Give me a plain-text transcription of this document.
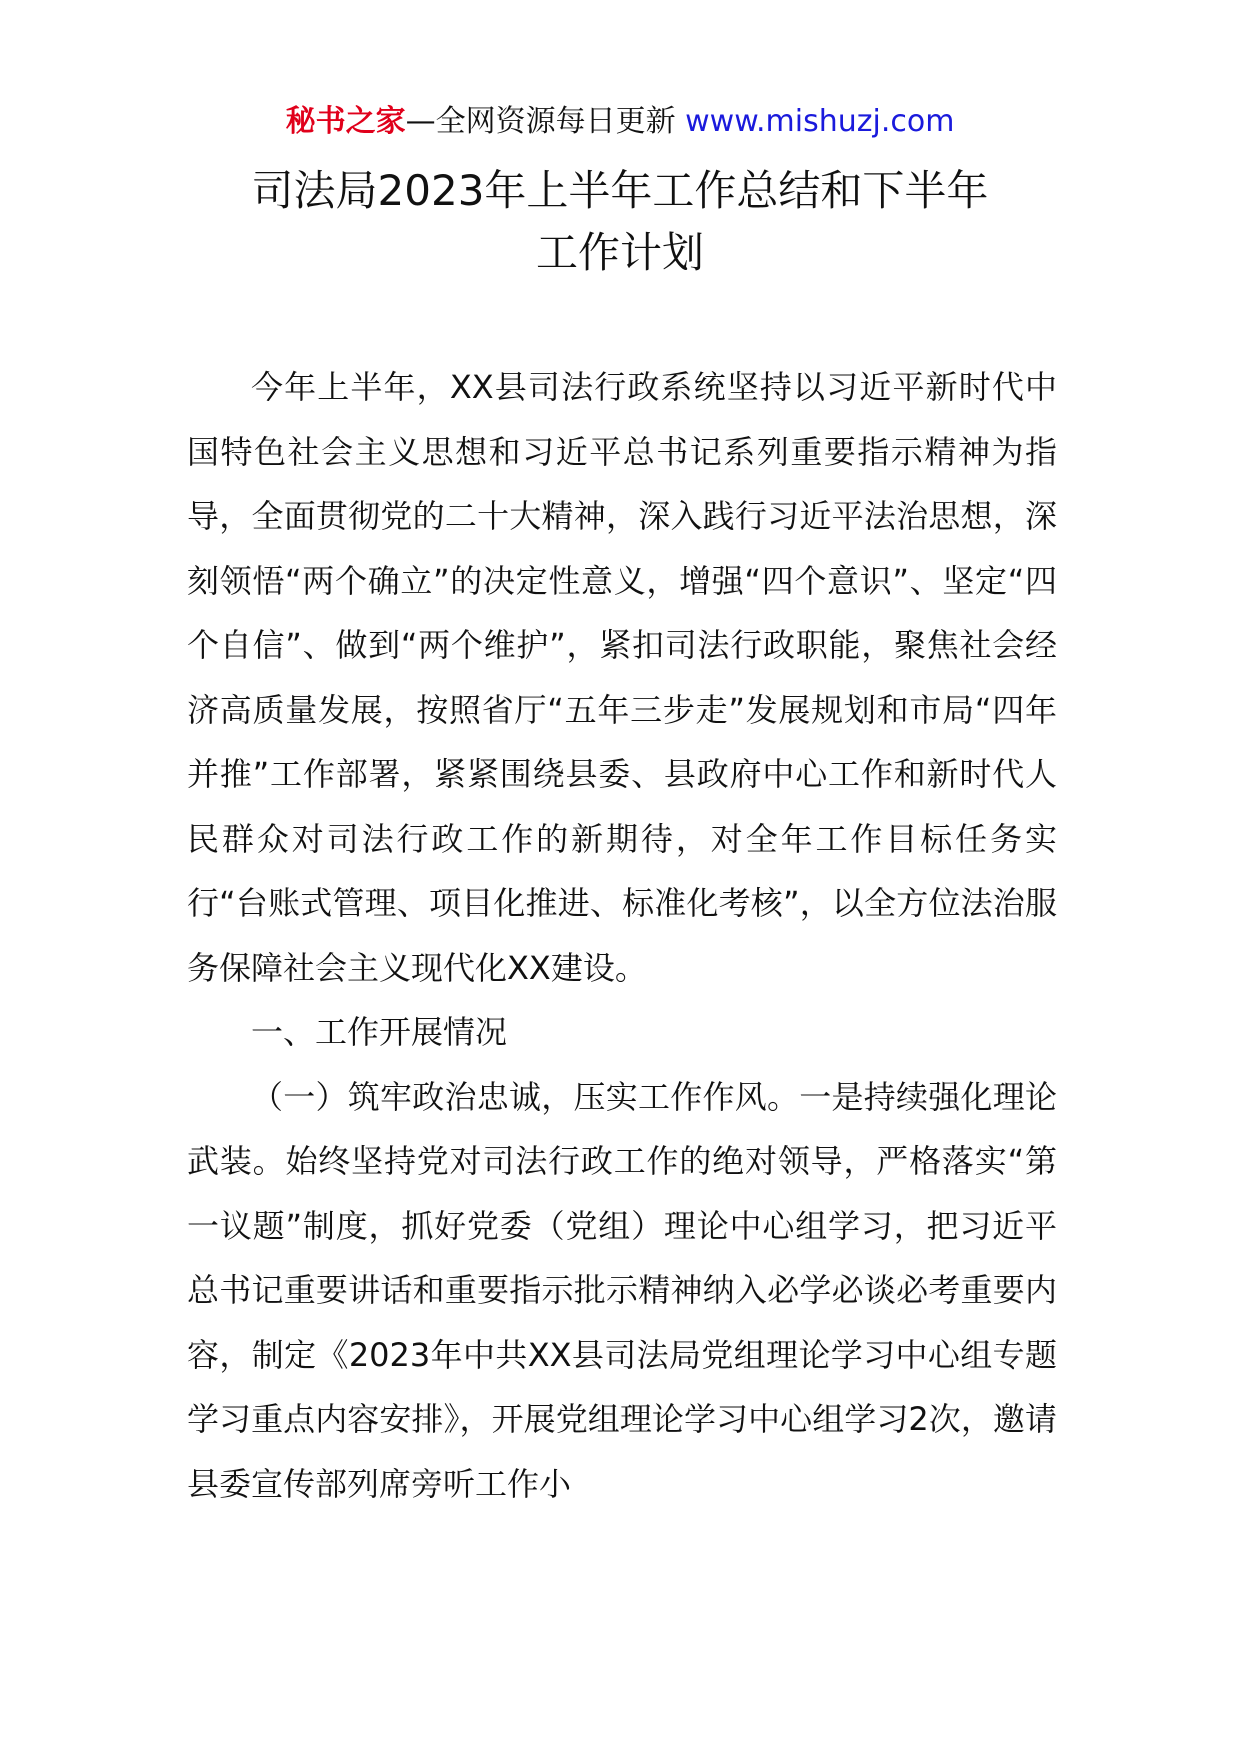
秘书之家—全网资源每日更新 www.mishuzj.com
司法局2023年上半年工作总结和下半年
工作计划

今年上半年，XX县司法行政系统坚持以习近平新时代中国特色社会主义思想和习近平总书记系列重要指示精神为指导，全面贯彻党的二十大精神，深入践行习近平法治思想，深刻领悟“两个确立”的决定性意义，增强“四个意识”、坚定“四个自信”、做到“两个维护”，紧扣司法行政职能，聚焦社会经济高质量发展，按照省厅“五年三步走”发展规划和市局“四年并推”工作部署，紧紧围绕县委、县政府中心工作和新时代人民群众对司法行政工作的新期待，对全年工作目标任务实行“台账式管理、项目化推进、标准化考核”，以全方位法治服务保障社会主义现代化XX建设。

一、工作开展情况

（一）筑牢政治忠诚，压实工作作风。一是持续强化理论武装。始终坚持党对司法行政工作的绝对领导，严格落实“第一议题”制度，抓好党委（党组）理论中心组学习，把习近平总书记重要讲话和重要指示批示精神纳入必学必谈必考重要内容，制定《2023年中共XX县司法局党组理论学习中心组专题学习重点内容安排》，开展党组理论学习中心组学习2次，邀请县委宣传部列席旁听工作小
